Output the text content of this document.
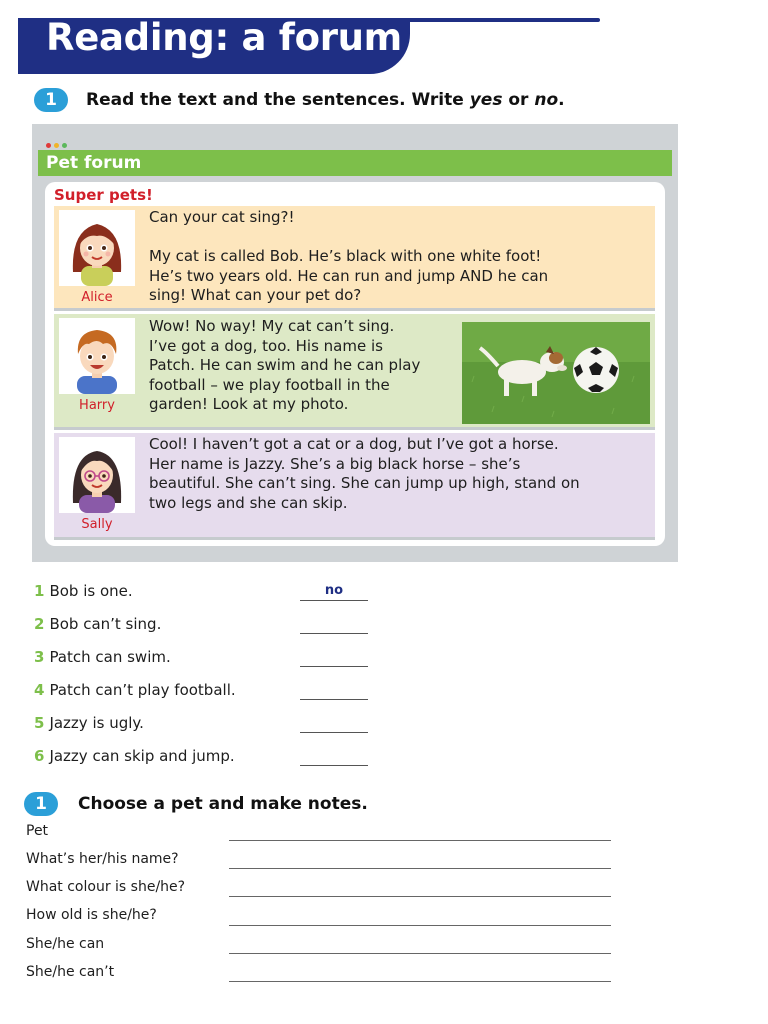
Reading: a forum
1	Read the text and the sentences. Write yes or no.
Pet forum
Super pets!
Alice
Can your cat sing?!
My cat is called Bob. He’s black with one white foot!
He’s two years old. He can run and jump AND he can
sing! What can your pet do?
Harry
Wow! No way! My cat can’t sing.
I’ve got a dog, too. His name is
Patch. He can swim and he can play
football – we play football in the
garden! Look at my photo.
Sally
Cool! I haven’t got a cat or a dog, but I’ve got a horse.
Her name is Jazzy. She’s a big black horse – she’s
beautiful. She can’t sing. She can jump up high, stand on
two legs and she can skip.
1 Bob is one.	no
2 Bob can’t sing.
3 Patch can swim.
4 Patch can’t play football.
5 Jazzy is ugly.
6 Jazzy can skip and jump.
1	Choose a pet and make notes.
Pet
What’s her/his name?
What colour is she/he?
How old is she/he?
She/he can
She/he can’t
